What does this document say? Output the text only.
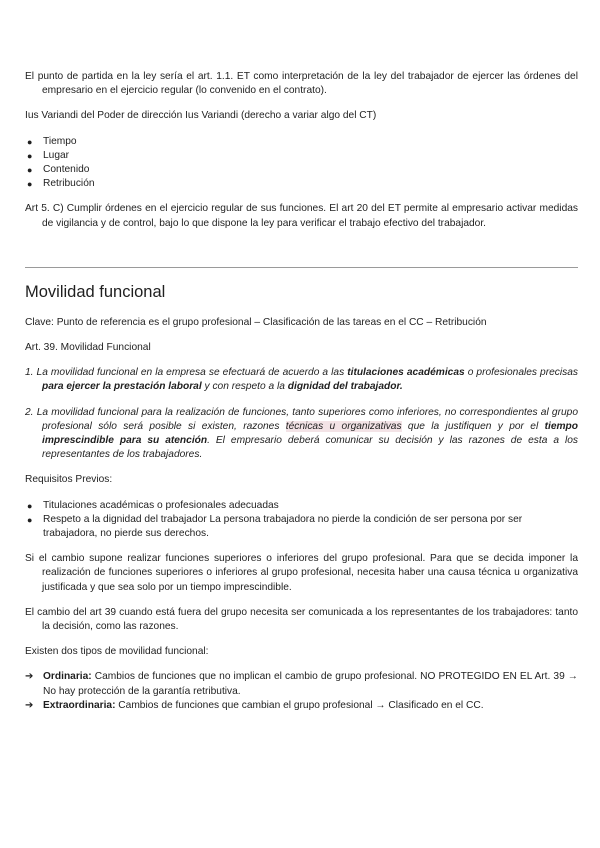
El punto de partida en la ley sería el art. 1.1. ET como interpretación de la ley del trabajador de ejercer las órdenes del empresario en el ejercicio regular (lo convenido en el contrato).

Ius Variandi del Poder de dirección Ius Variandi (derecho a variar algo del CT)

● Tiempo
● Lugar
● Contenido
● Retribución

Art 5. C) Cumplir órdenes en el ejercicio regular de sus funciones. El art 20 del ET permite al empresario activar medidas de vigilancia y de control, bajo lo que dispone la ley para verificar el trabajo efectivo del trabajador.

Movilidad funcional

Clave: Punto de referencia es el grupo profesional – Clasificación de las tareas en el CC – Retribución

Art. 39. Movilidad Funcional

1. La movilidad funcional en la empresa se efectuará de acuerdo a las titulaciones académicas o profesionales precisas para ejercer la prestación laboral y con respeto a la dignidad del trabajador.

2. La movilidad funcional para la realización de funciones, tanto superiores como inferiores, no correspondientes al grupo profesional sólo será posible si existen, razones técnicas u organizativas que la justifiquen y por el tiempo imprescindible para su atención. El empresario deberá comunicar su decisión y las razones de esta a los representantes de los trabajadores.

Requisitos Previos:

● Titulaciones académicas o profesionales adecuadas
● Respeto a la dignidad del trabajador La persona trabajadora no pierde la condición de ser persona por ser trabajadora, no pierde sus derechos.

Si el cambio supone realizar funciones superiores o inferiores del grupo profesional. Para que se decida imponer la realización de funciones superiores o inferiores al grupo profesional, necesita haber una causa técnica u organizativa justificada y que sea solo por un tiempo imprescindible.

El cambio del art 39 cuando está fuera del grupo necesita ser comunicada a los representantes de los trabajadores: tanto la decisión, como las razones.

Existen dos tipos de movilidad funcional:

➔ Ordinaria: Cambios de funciones que no implican el cambio de grupo profesional. NO PROTEGIDO EN EL Art. 39 → No hay protección de la garantía retributiva.
➔ Extraordinaria: Cambios de funciones que cambian el grupo profesional → Clasificado en el CC.
